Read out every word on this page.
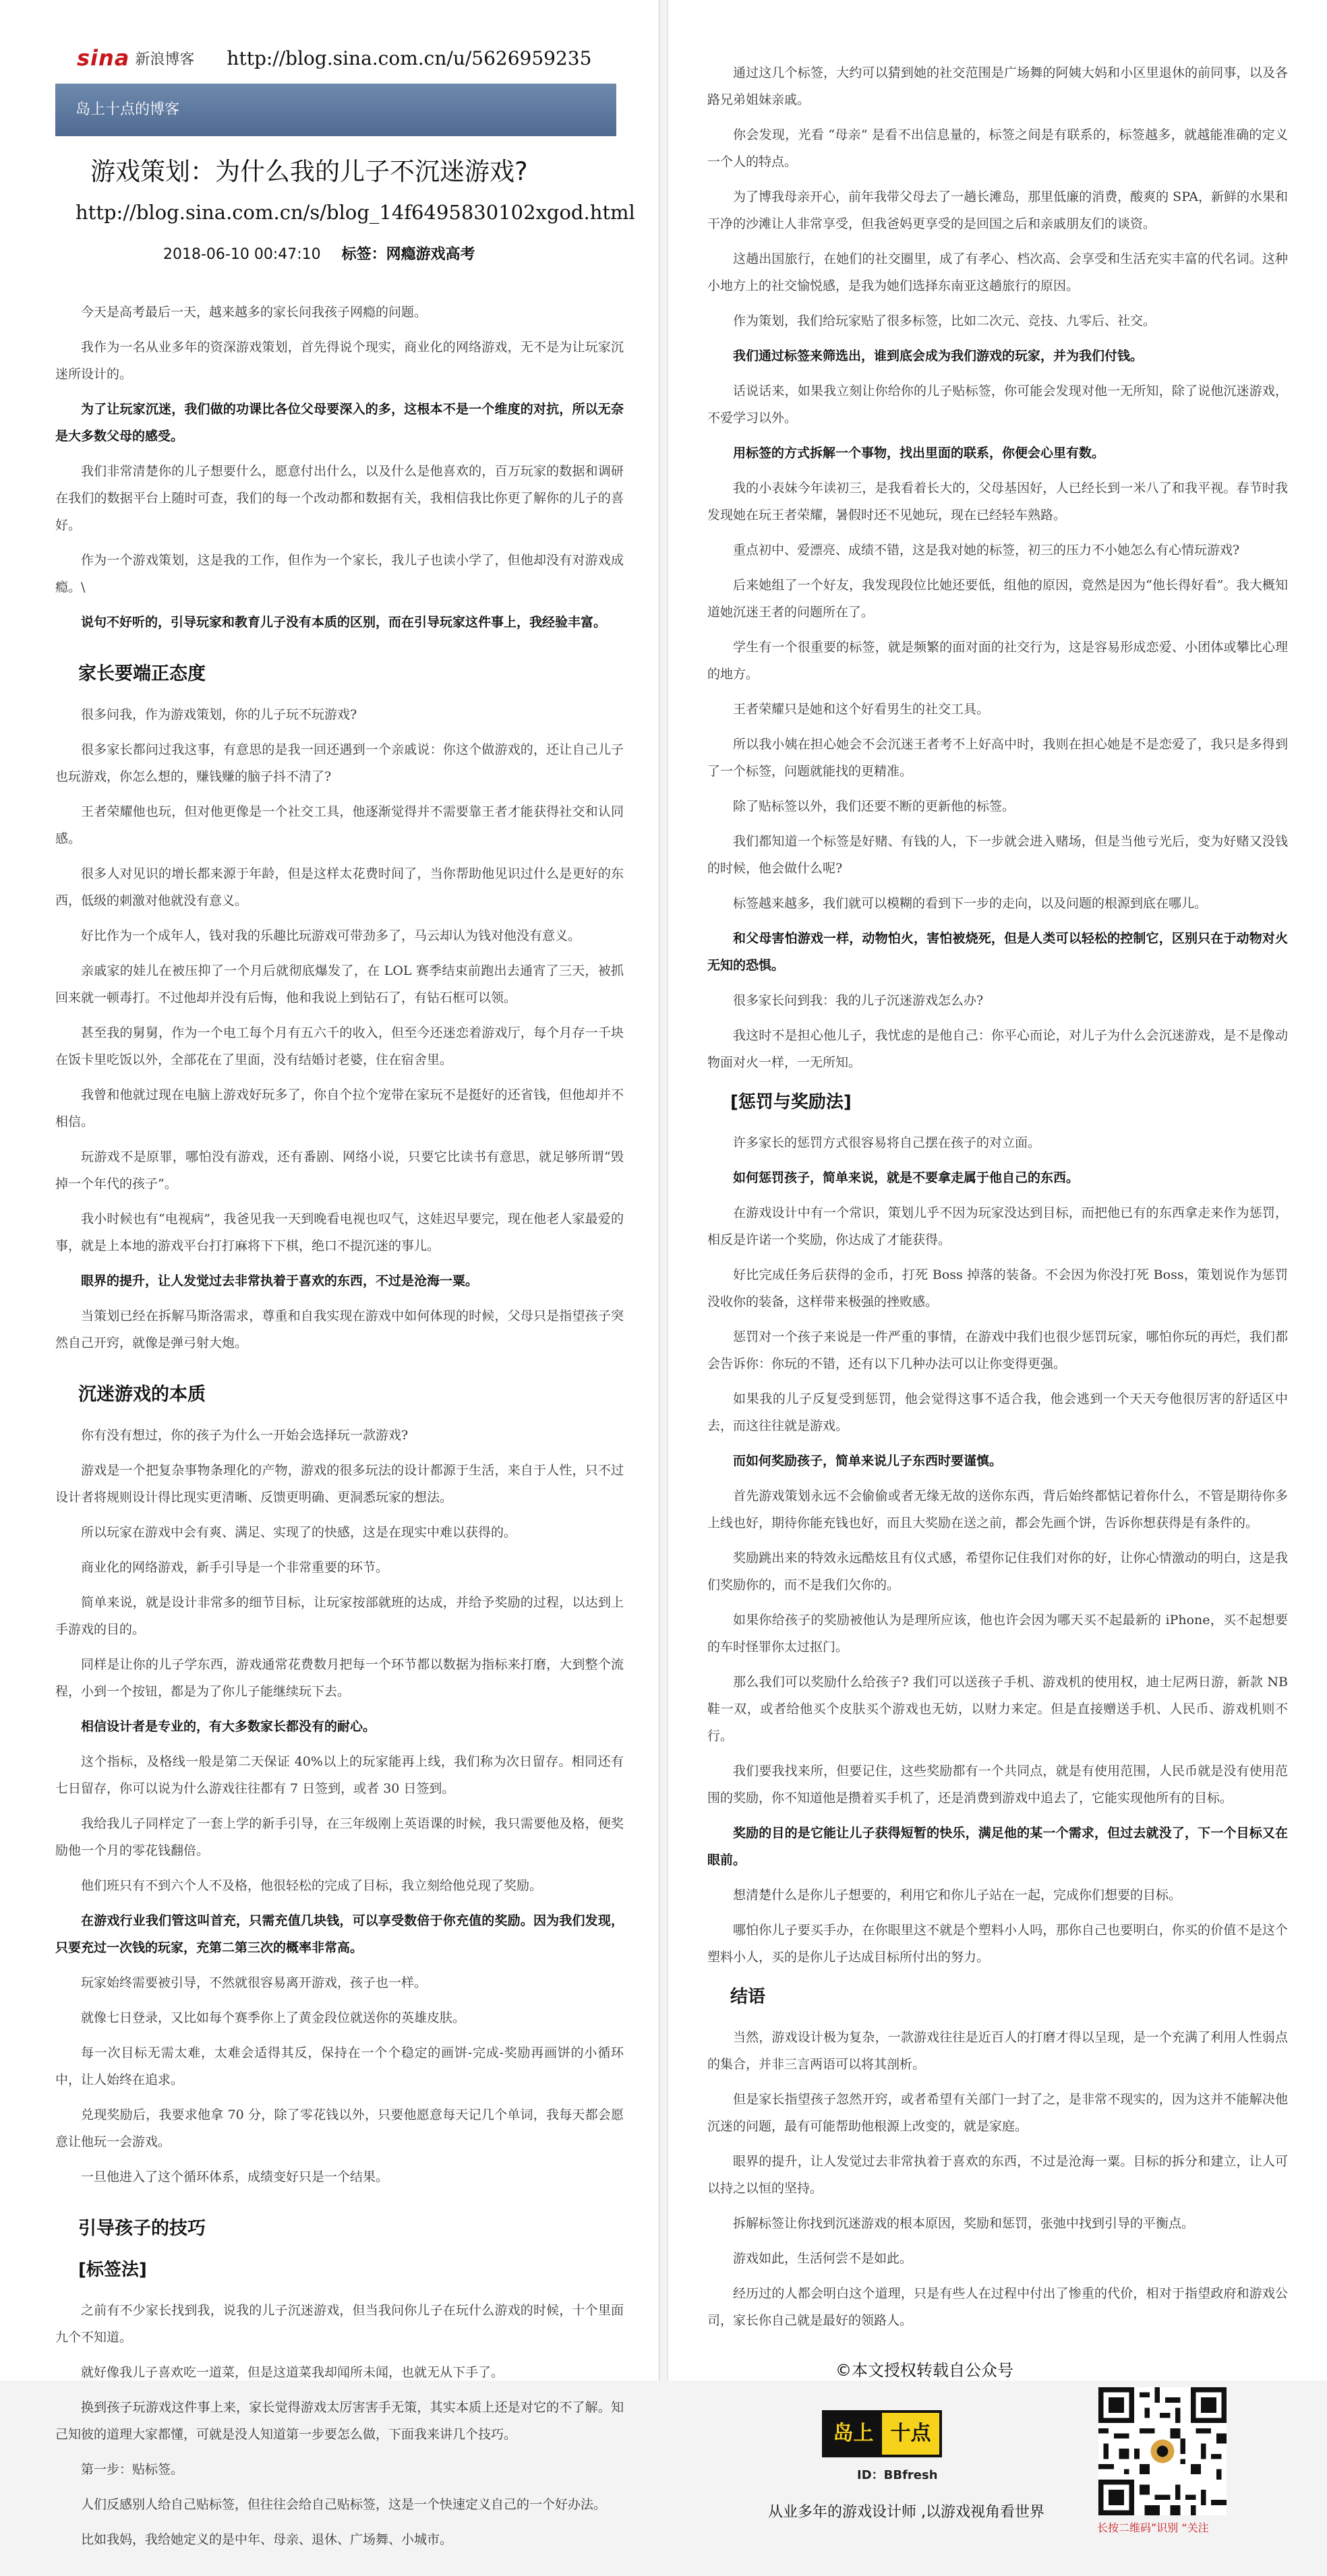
sina 新浪博客 http://blog.sina.com.cn/u/5626959235
岛上十点的博客
游戏策划：为什么我的儿子不沉迷游戏?
http://blog.sina.com.cn/s/blog_14f6495830102xgod.html
2018-06-10 00:47:10 标签：网瘾游戏高考

今天是高考最后一天，越来越多的家长问我孩子网瘾的问题。

我作为一名从业多年的资深游戏策划，首先得说个现实，商业化的网络游戏，无不是为让玩家沉迷所设计的。

为了让玩家沉迷，我们做的功课比各位父母要深入的多，这根本不是一个维度的对抗，所以无奈是大多数父母的感受。

我们非常清楚你的儿子想要什么，愿意付出什么，以及什么是他喜欢的，百万玩家的数据和调研在我们的数据平台上随时可查，我们的每一个改动都和数据有关，我相信我比你更了解你的儿子的喜好。

作为一个游戏策划，这是我的工作，但作为一个家长，我儿子也读小学了，但他却没有对游戏成瘾。\

说句不好听的，引导玩家和教育儿子没有本质的区别，而在引导玩家这件事上，我经验丰富。

家长要端正态度

很多问我，作为游戏策划，你的儿子玩不玩游戏?

很多家长都问过我这事，有意思的是我一回还遇到一个亲戚说：你这个做游戏的，还让自己儿子也玩游戏，你怎么想的，赚钱赚的脑子抖不清了?

王者荣耀他也玩，但对他更像是一个社交工具，他逐渐觉得并不需要靠王者才能获得社交和认同感。

很多人对见识的增长都来源于年龄，但是这样太花费时间了，当你帮助他见识过什么是更好的东西，低级的刺激对他就没有意义。

好比作为一个成年人，钱对我的乐趣比玩游戏可带劲多了，马云却认为钱对他没有意义。

亲戚家的娃儿在被压抑了一个月后就彻底爆发了，在 LOL 赛季结束前跑出去通宵了三天，被抓回来就一顿毒打。不过他却并没有后悔，他和我说上到钻石了，有钻石框可以领。

甚至我的舅舅，作为一个电工每个月有五六千的收入，但至今还迷恋着游戏厅，每个月存一千块在饭卡里吃饭以外，全部花在了里面，没有结婚讨老婆，住在宿舍里。

我曾和他就过现在电脑上游戏好玩多了，你自个拉个宠带在家玩不是挺好的还省钱，但他却并不相信。

玩游戏不是原罪，哪怕没有游戏，还有番剧、网络小说，只要它比读书有意思，就足够所谓“毁掉一个年代的孩子”。

我小时候也有“电视病”，我爸见我一天到晚看电视也叹气，这娃迟早要完，现在他老人家最爱的事，就是上本地的游戏平台打打麻将下下棋，绝口不提沉迷的事儿。

眼界的提升，让人发觉过去非常执着于喜欢的东西，不过是沧海一粟。

当策划已经在拆解马斯洛需求，尊重和自我实现在游戏中如何体现的时候，父母只是指望孩子突然自己开窍，就像是弹弓射大炮。

沉迷游戏的本质

你有没有想过，你的孩子为什么一开始会选择玩一款游戏?

游戏是一个把复杂事物条理化的产物，游戏的很多玩法的设计都源于生活，来自于人性，只不过设计者将规则设计得比现实更清晰、反馈更明确、更洞悉玩家的想法。

所以玩家在游戏中会有爽、满足、实现了的快感，这是在现实中难以获得的。

商业化的网络游戏，新手引导是一个非常重要的环节。

简单来说，就是设计非常多的细节目标，让玩家按部就班的达成，并给予奖励的过程，以达到上手游戏的目的。

同样是让你的儿子学东西，游戏通常花费数月把每一个环节都以数据为指标来打磨，大到整个流程，小到一个按钮，都是为了你儿子能继续玩下去。

相信设计者是专业的，有大多数家长都没有的耐心。

这个指标，及格线一般是第二天保证 40%以上的玩家能再上线，我们称为次日留存。相同还有七日留存，你可以说为什么游戏往往都有 7 日签到，或者 30 日签到。

我给我儿子同样定了一套上学的新手引导，在三年级刚上英语课的时候，我只需要他及格，便奖励他一个月的零花钱翻倍。

他们班只有不到六个人不及格，他很轻松的完成了目标，我立刻给他兑现了奖励。

在游戏行业我们管这叫首充，只需充值几块钱，可以享受数倍于你充值的奖励。因为我们发现，只要充过一次钱的玩家，充第二第三次的概率非常高。

玩家始终需要被引导，不然就很容易离开游戏，孩子也一样。

就像七日登录，又比如每个赛季你上了黄金段位就送你的英雄皮肤。

每一次目标无需太难，太难会适得其反，保持在一个个稳定的画饼-完成-奖励再画饼的小循环中，让人始终在追求。

兑现奖励后，我要求他拿 70 分，除了零花钱以外，只要他愿意每天记几个单词，我每天都会愿意让他玩一会游戏。

一旦他进入了这个循环体系，成绩变好只是一个结果。

引导孩子的技巧
[标签法]

之前有不少家长找到我，说我的儿子沉迷游戏，但当我问你儿子在玩什么游戏的时候，十个里面九个不知道。

就好像我儿子喜欢吃一道菜，但是这道菜我却闻所未闻，也就无从下手了。

换到孩子玩游戏这件事上来，家长觉得游戏太厉害害手无策，其实本质上还是对它的不了解。知己知彼的道理大家都懂，可就是没人知道第一步要怎么做，下面我来讲几个技巧。

第一步：贴标签。

人们反感别人给自己贴标签，但往往会给自己贴标签，这是一个快速定义自己的一个好办法。

比如我妈，我给她定义的是中年、母亲、退休、广场舞、小城市。

通过这几个标签，大约可以猜到她的社交范围是广场舞的阿姨大妈和小区里退休的前同事，以及各路兄弟姐妹亲戚。

你会发现，光看 “母亲” 是看不出信息量的，标签之间是有联系的，标签越多，就越能准确的定义一个人的特点。

为了博我母亲开心，前年我带父母去了一趟长滩岛，那里低廉的消费，酸爽的 SPA，新鲜的水果和干净的沙滩让人非常享受，但我爸妈更享受的是回国之后和亲戚朋友们的谈资。

这趟出国旅行，在她们的社交圈里，成了有孝心、档次高、会享受和生活充实丰富的代名词。这种小地方上的社交愉悦感，是我为她们选择东南亚这趟旅行的原因。

作为策划，我们给玩家贴了很多标签，比如二次元、竞技、九零后、社交。

我们通过标签来筛选出，谁到底会成为我们游戏的玩家，并为我们付钱。

话说话来，如果我立刻让你给你的儿子贴标签，你可能会发现对他一无所知，除了说他沉迷游戏，不爱学习以外。

用标签的方式拆解一个事物，找出里面的联系，你便会心里有数。

我的小表妹今年读初三，是我看着长大的，父母基因好，人已经长到一米八了和我平视。春节时我发现她在玩王者荣耀，暑假时还不见她玩，现在已经轻车熟路。

重点初中、爱漂亮、成绩不错，这是我对她的标签，初三的压力不小她怎么有心情玩游戏?

后来她组了一个好友，我发现段位比她还要低，组他的原因，竟然是因为“他长得好看”。我大概知道她沉迷王者的问题所在了。

学生有一个很重要的标签，就是频繁的面对面的社交行为，这是容易形成恋爱、小团体或攀比心理的地方。

王者荣耀只是她和这个好看男生的社交工具。

所以我小姨在担心她会不会沉迷王者考不上好高中时，我则在担心她是不是恋爱了，我只是多得到了一个标签，问题就能找的更精准。

除了贴标签以外，我们还要不断的更新他的标签。

我们都知道一个标签是好赌、有钱的人，下一步就会进入赌场，但是当他亏光后，变为好赌又没钱的时候，他会做什么呢?

标签越来越多，我们就可以模糊的看到下一步的走向，以及问题的根源到底在哪儿。

和父母害怕游戏一样，动物怕火，害怕被烧死，但是人类可以轻松的控制它，区别只在于动物对火无知的恐惧。

很多家长问到我：我的儿子沉迷游戏怎么办?

我这时不是担心他儿子，我忧虑的是他自己：你平心而论，对儿子为什么会沉迷游戏，是不是像动物面对火一样，一无所知。

[惩罚与奖励法]

许多家长的惩罚方式很容易将自己摆在孩子的对立面。

如何惩罚孩子，简单来说，就是不要拿走属于他自己的东西。

在游戏设计中有一个常识，策划儿乎不因为玩家没达到目标，而把他已有的东西拿走来作为惩罚，相反是许诺一个奖励，你达成了才能获得。

好比完成任务后获得的金币，打死 Boss 掉落的装备。不会因为你没打死 Boss，策划说作为惩罚没收你的装备，这样带来极强的挫败感。

惩罚对一个孩子来说是一件严重的事情，在游戏中我们也很少惩罚玩家，哪怕你玩的再烂，我们都会告诉你：你玩的不错，还有以下几种办法可以让你变得更强。

如果我的儿子反复受到惩罚，他会觉得这事不适合我，他会逃到一个天天夸他很厉害的舒适区中去，而这往往就是游戏。

而如何奖励孩子，简单来说儿子东西时要谨慎。

首先游戏策划永远不会偷偷或者无缘无故的送你东西，背后始终都惦记着你什么，不管是期待你多上线也好，期待你能充钱也好，而且大奖励在送之前，都会先画个饼，告诉你想获得是有条件的。

奖励跳出来的特效永远酷炫且有仪式感，希望你记住我们对你的好，让你心情激动的明白，这是我们奖励你的，而不是我们欠你的。

如果你给孩子的奖励被他认为是理所应该，他也许会因为哪天买不起最新的 iPhone，买不起想要的车时怪罪你太过抠门。

那么我们可以奖励什么给孩子? 我们可以送孩子手机、游戏机的使用权，迪士尼两日游，新款 NB 鞋一双，或者给他买个皮肤买个游戏也无妨，以财力来定。但是直接赠送手机、人民币、游戏机则不行。

我们要我找来所，但要记住，这些奖励都有一个共同点，就是有使用范围，人民币就是没有使用范围的奖励，你不知道他是攒着买手机了，还是消费到游戏中追去了，它能实现他所有的目标。

奖励的目的是它能让儿子获得短暂的快乐，满足他的某一个需求，但过去就没了，下一个目标又在眼前。

想清楚什么是你儿子想要的，利用它和你儿子站在一起，完成你们想要的目标。

哪怕你儿子要买手办，在你眼里这不就是个塑料小人吗，那你自己也要明白，你买的价值不是这个塑料小人，买的是你儿子达成目标所付出的努力。

结语

当然，游戏设计极为复杂，一款游戏往往是近百人的打磨才得以呈现，是一个充满了利用人性弱点的集合，并非三言两语可以将其剖析。

但是家长指望孩子忽然开窍，或者希望有关部门一封了之，是非常不现实的，因为这并不能解决他沉迷的问题，最有可能帮助他根源上改变的，就是家庭。

眼界的提升，让人发觉过去非常执着于喜欢的东西，不过是沧海一粟。目标的拆分和建立，让人可以持之以恒的坚持。

拆解标签让你找到沉迷游戏的根本原因，奖励和惩罚，张弛中找到引导的平衡点。

游戏如此，生活何尝不是如此。

经历过的人都会明白这个道理，只是有些人在过程中付出了惨重的代价，相对于指望政府和游戏公司，家长你自己就是最好的领路人。

©本文授权转载自公众号
岛上 十点
ID：BBfresh
从业多年的游戏设计师 ,以游戏视角看世界
长按二维码”识别 “关注
